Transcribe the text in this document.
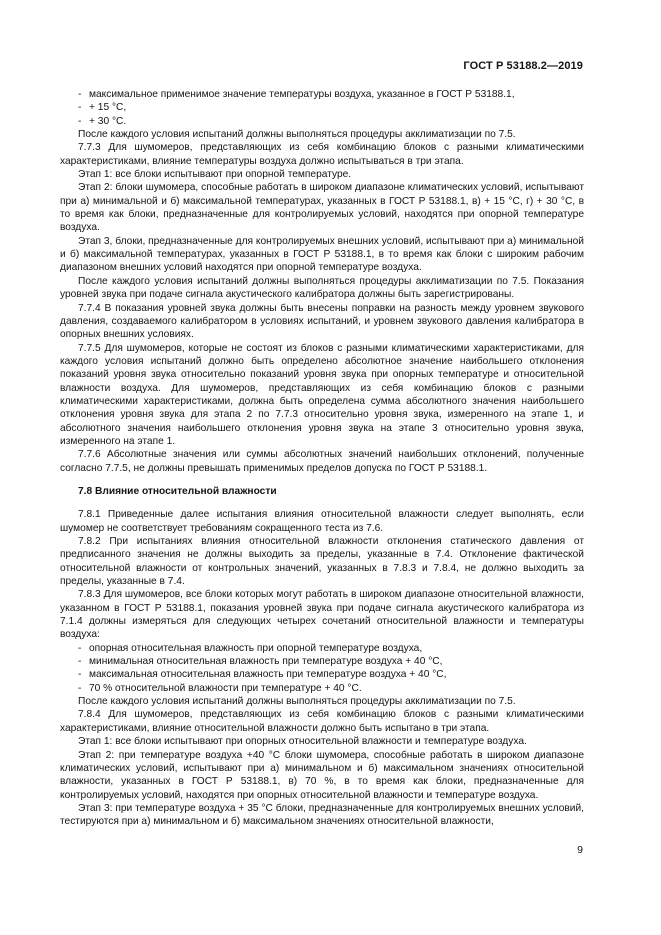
ГОСТ Р 53188.2—2019
- максимальное применимое значение температуры воздуха, указанное в ГОСТ Р 53188.1,
- + 15 °С,
- + 30 °С.
После каждого условия испытаний должны выполняться процедуры акклиматизации по 7.5.
7.7.3 Для шумомеров, представляющих из себя комбинацию блоков с разными климатическими характеристиками, влияние температуры воздуха должно испытываться в три этапа.
Этап 1: все блоки испытывают при опорной температуре.
Этап 2: блоки шумомера, способные работать в широком диапазоне климатических условий, испытывают при а) минимальной и б) максимальной температурах, указанных в ГОСТ Р 53188.1, в) + 15 °С, г) + 30 °С, в то время как блоки, предназначенные для контролируемых условий, находятся при опорной температуре воздуха.
Этап 3, блоки, предназначенные для контролируемых внешних условий, испытывают при а) минимальной и б) максимальной температурах, указанных в ГОСТ Р 53188.1, в то время как блоки с широким рабочим диапазоном внешних условий находятся при опорной температуре воздуха.
После каждого условия испытаний должны выполняться процедуры акклиматизации по 7.5. Показания уровней звука при подаче сигнала акустического калибратора должны быть зарегистрированы.
7.7.4 В показания уровней звука должны быть внесены поправки на разность между уровнем звукового давления, создаваемого калибратором в условиях испытаний, и уровнем звукового давления калибратора в опорных внешних условиях.
7.7.5 Для шумомеров, которые не состоят из блоков с разными климатическими характеристиками, для каждого условия испытаний должно быть определено абсолютное значение наибольшего отклонения показаний уровня звука относительно показаний уровня звука при опорных температуре и относительной влажности воздуха. Для шумомеров, представляющих из себя комбинацию блоков с разными климатическими характеристиками, должна быть определена сумма абсолютного значения наибольшего отклонения уровня звука для этапа 2 по 7.7.3 относительно уровня звука, измеренного на этапе 1, и абсолютного значения наибольшего отклонения уровня звука на этапе 3 относительно уровня звука, измеренного на этапе 1.
7.7.6 Абсолютные значения или суммы абсолютных значений наибольших отклонений, полученные согласно 7.7.5, не должны превышать применимых пределов допуска по ГОСТ Р 53188.1.
7.8 Влияние относительной влажности
7.8.1 Приведенные далее испытания влияния относительной влажности следует выполнять, если шумомер не соответствует требованиям сокращенного теста из 7.6.
7.8.2 При испытаниях влияния относительной влажности отклонения статического давления от предписанного значения не должны выходить за пределы, указанные в 7.4. Отклонение фактической относительной влажности от контрольных значений, указанных в 7.8.3 и 7.8.4, не должно выходить за пределы, указанные в 7.4.
7.8.3 Для шумомеров, все блоки которых могут работать в широком диапазоне относительной влажности, указанном в ГОСТ Р 53188.1, показания уровней звука при подаче сигнала акустического калибратора из 7.1.4 должны измеряться для следующих четырех сочетаний относительной влажности и температуры воздуха:
- опорная относительная влажность при опорной температуре воздуха,
- минимальная относительная влажность при температуре воздуха + 40 °С,
- максимальная относительная влажность при температуре воздуха + 40 °С,
- 70 % относительной влажности при температуре + 40 °С.
После каждого условия испытаний должны выполняться процедуры акклиматизации по 7.5.
7.8.4 Для шумомеров, представляющих из себя комбинацию блоков с разными климатическими характеристиками, влияние относительной влажности должно быть испытано в три этапа.
Этап 1: все блоки испытывают при опорных относительной влажности и температуре воздуха.
Этап 2: при температуре воздуха +40 °С блоки шумомера, способные работать в широком диапазоне климатических условий, испытывают при а) минимальном и б) максимальном значениях относительной влажности, указанных в ГОСТ Р 53188.1, в) 70 %, в то время как блоки, предназначенные для контролируемых условий, находятся при опорных относительной влажности и температуре воздуха.
Этап 3: при температуре воздуха + 35 °С блоки, предназначенные для контролируемых внешних условий, тестируются при а) минимальном и б) максимальном значениях относительной влажности,
9
